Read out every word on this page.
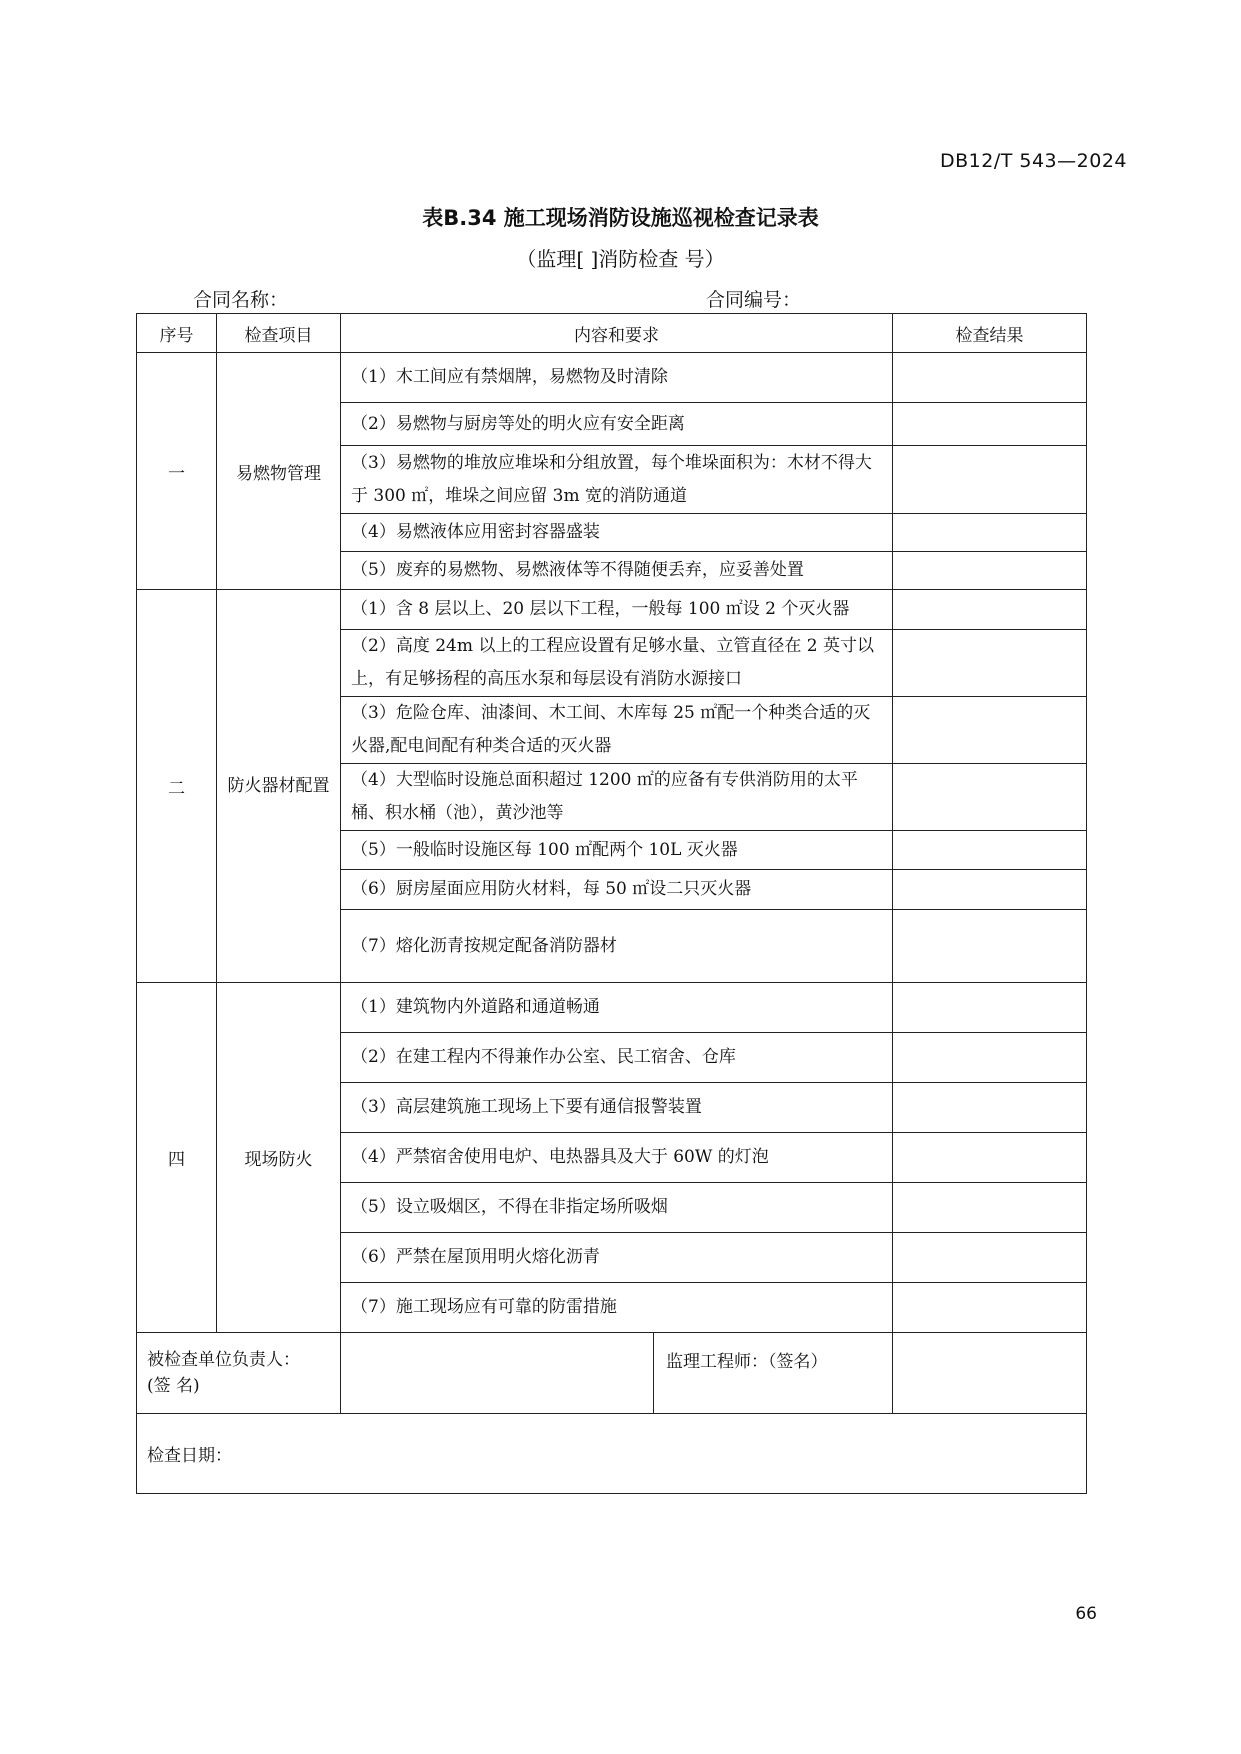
DB12/T 543—2024
表B.34 施工现场消防设施巡视检查记录表
（监理[ ]消防检查 号）
合同名称：	合同编号：
序号	检查项目	内容和要求	检查结果
一	易燃物管理	（1）木工间应有禁烟牌，易燃物及时清除	
		（2）易燃物与厨房等处的明火应有安全距离	
		（3）易燃物的堆放应堆垛和分组放置，每个堆垛面积为：木材不得大于 300 ㎡，堆垛之间应留 3m 宽的消防通道	
		（4）易燃液体应用密封容器盛装	
		（5）废弃的易燃物、易燃液体等不得随便丢弃，应妥善处置	
二	防火器材配置	（1）含 8 层以上、20 层以下工程，一般每 100 ㎡设 2 个灭火器	
		（2）高度 24m 以上的工程应设置有足够水量、立管直径在 2 英寸以上，有足够扬程的高压水泵和每层设有消防水源接口	
		（3）危险仓库、油漆间、木工间、木库每 25 ㎡配一个种类合适的灭火器,配电间配有种类合适的灭火器	
		（4）大型临时设施总面积超过 1200 ㎡的应备有专供消防用的太平桶、积水桶（池），黄沙池等	
		（5）一般临时设施区每 100 ㎡配两个 10L 灭火器	
		（6）厨房屋面应用防火材料，每 50 ㎡设二只灭火器	
		（7）熔化沥青按规定配备消防器材	
四	现场防火	（1）建筑物内外道路和通道畅通	
		（2）在建工程内不得兼作办公室、民工宿舍、仓库	
		（3）高层建筑施工现场上下要有通信报警装置	
		（4）严禁宿舍使用电炉、电热器具及大于 60W 的灯泡	
		（5）设立吸烟区，不得在非指定场所吸烟	
		（6）严禁在屋顶用明火熔化沥青	
		（7）施工现场应有可靠的防雷措施	

被检查单位负责人：
(签 名)		监理工程师：（签名）	

检查日期：			
66
